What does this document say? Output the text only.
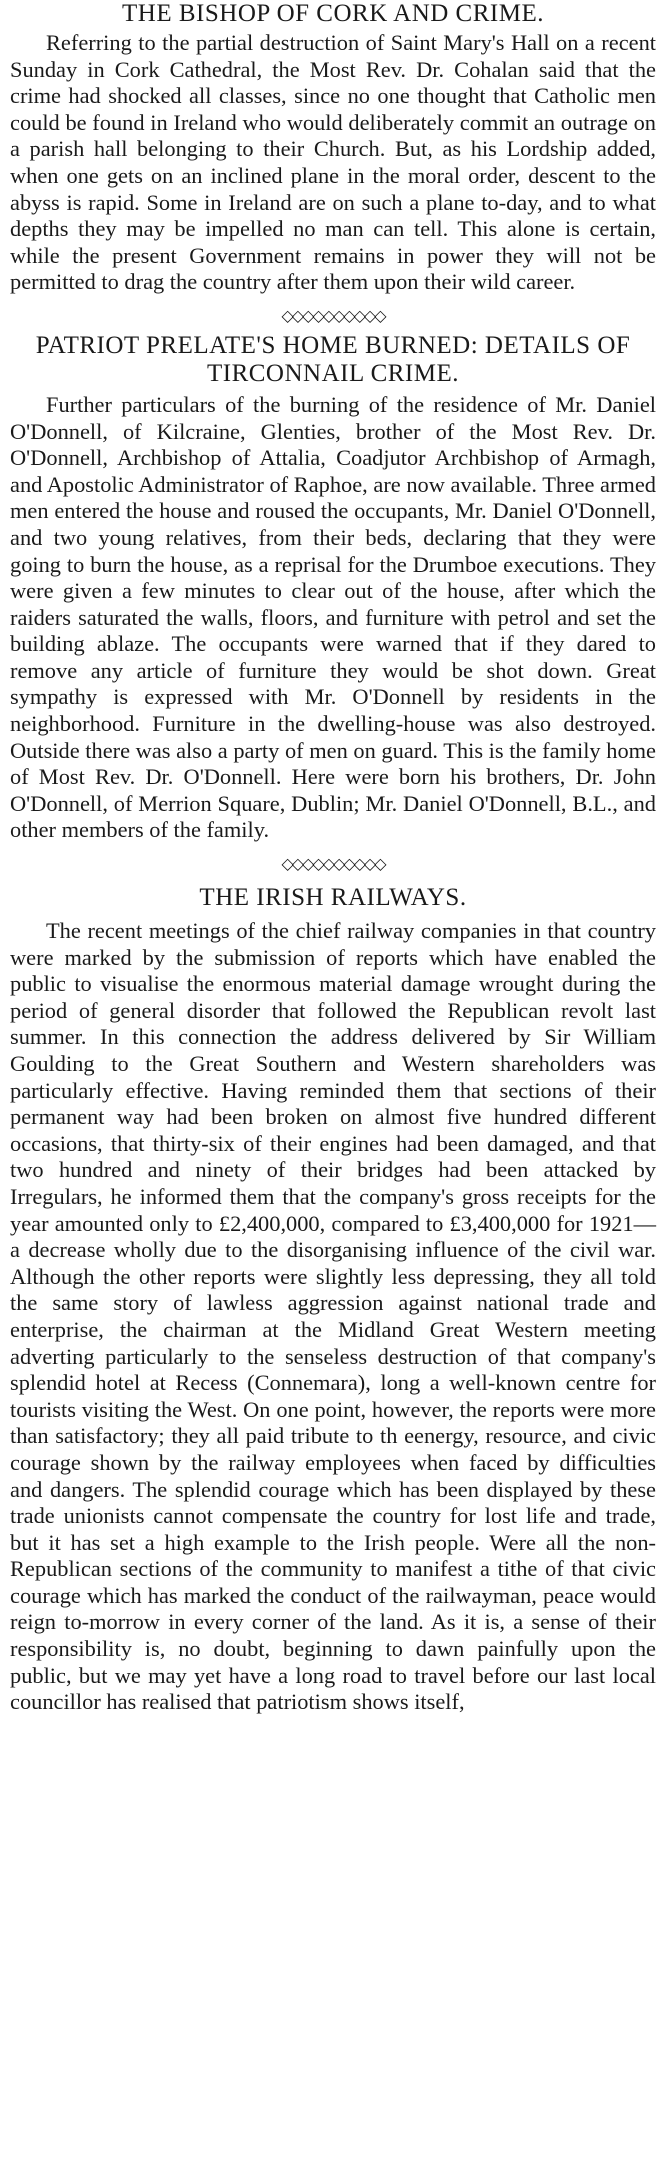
THE BISHOP OF CORK AND CRIME.

Referring to the partial destruction of Saint Mary's Hall on a recent Sunday in Cork Cathedral, the Most Rev. Dr. Cohalan said that the crime had shocked all classes, since no one thought that Catholic men could be found in Ireland who would deliberately commit an outrage on a parish hall belonging to their Church. But, as his Lordship added, when one gets on an inclined plane in the moral order, descent to the abyss is rapid. Some in Ireland are on such a plane to-day, and to what depths they may be impelled no man can tell. This alone is certain, while the present Government remains in power they will not be permitted to drag the country after them upon their wild career.

◇◇◇◇◇◇◇◇◇◇
PATRIOT PRELATE'S HOME BURNED: DETAILS OF TIRCONNAIL CRIME.

Further particulars of the burning of the residence of Mr. Daniel O'Donnell, of Kilcraine, Glenties, brother of the Most Rev. Dr. O'Donnell, Archbishop of Attalia, Coadjutor Archbishop of Armagh, and Apostolic Administrator of Raphoe, are now available. Three armed men entered the house and roused the occupants, Mr. Daniel O'Donnell, and two young relatives, from their beds, declaring that they were going to burn the house, as a reprisal for the Drumboe executions. They were given a few minutes to clear out of the house, after which the raiders saturated the walls, floors, and furniture with petrol and set the building ablaze. The occupants were warned that if they dared to remove any article of furniture they would be shot down. Great sympathy is expressed with Mr. O'Donnell by residents in the neighborhood. Furniture in the dwelling-house was also destroyed. Outside there was also a party of men on guard. This is the family home of Most Rev. Dr. O'Donnell. Here were born his brothers, Dr. John O'Donnell, of Merrion Square, Dublin; Mr. Daniel O'Donnell, B.L., and other members of the family.

◇◇◇◇◇◇◇◇◇◇
THE IRISH RAILWAYS.

The recent meetings of the chief railway companies in that country were marked by the submission of reports which have enabled the public to visualise the enormous material damage wrought during the period of general disorder that followed the Republican revolt last summer. In this connection the address delivered by Sir William Goulding to the Great Southern and Western shareholders was particularly effective. Having reminded them that sections of their permanent way had been broken on almost five hundred different occasions, that thirty-six of their engines had been damaged, and that two hundred and ninety of their bridges had been attacked by Irregulars, he informed them that the company's gross receipts for the year amounted only to £2,400,000, compared to £3,400,000 for 1921—a decrease wholly due to the disorganising influence of the civil war. Although the other reports were slightly less depressing, they all told the same story of lawless aggression against national trade and enterprise, the chairman at the Midland Great Western meeting adverting particularly to the senseless destruction of that company's splendid hotel at Recess (Connemara), long a well-known centre for tourists visiting the West. On one point, however, the reports were more than satisfactory; they all paid tribute to th eenergy, resource, and civic courage shown by the railway employees when faced by difficulties and dangers. The splendid courage which has been displayed by these trade unionists cannot compensate the country for lost life and trade, but it has set a high example to the Irish people. Were all the non-Republican sections of the community to manifest a tithe of that civic courage which has marked the conduct of the railwayman, peace would reign to-morrow in every corner of the land. As it is, a sense of their responsibility is, no doubt, beginning to dawn painfully upon the public, but we may yet have a long road to travel before our last local councillor has realised that patriotism shows itself,
